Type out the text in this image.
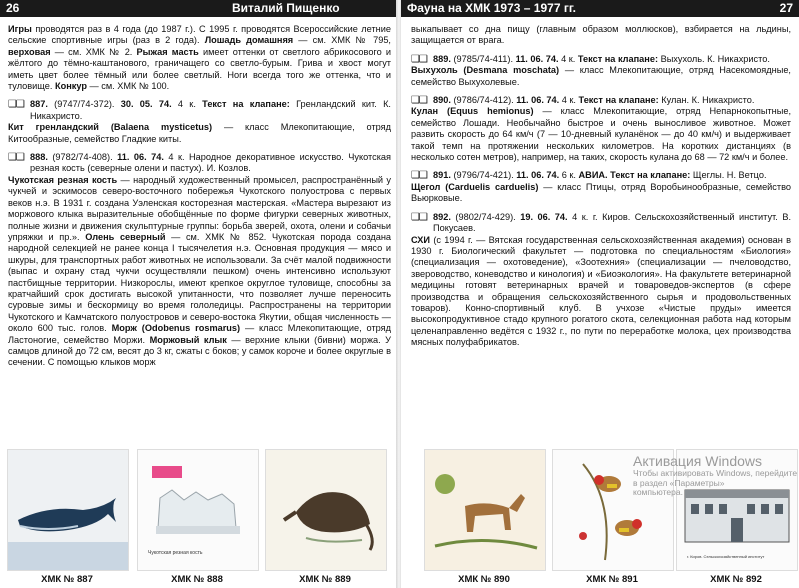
26	Виталий Пищенко

Игры проводятся раз в 4 года (до 1987 г.). С 1995 г. проводятся Всероссийские летние сельские спортивные игры (раз в 2 года). Лошадь домашняя — см. ХМК № 795, верховая — см. ХМК № 2. Рыжая масть имеет оттенки от светлого абрикосового и жёлтого до тёмно-каштанового, граничащего со светло-бурым. Грива и хвост могут иметь цвет более тёмный или более светлый. Ноги всегда того же оттенка, что и туловище. Конкур — см. ХМК № 100.

❑❑ 887. (9747/74-372). 30. 05. 74. 4 к. Текст на клапане: Гренландский кит. К. Никахристо.

Кит гренландский (Balaena mysticetus) — класс Млекопитающие, отряд Китообразные, семейство Гладкие киты.

❑❑ 888. (9782/74-408). 11. 06. 74. 4 к. Народное декоративное искусство. Чукотская резная кость (северные олени и пастух). И. Козлов.

Чукотская резная кость — народный художественный промысел, распространённый у чукчей и эскимосов северо-восточного побережья Чукотского полуострова с первых веков н.э. В 1931 г. создана Уэленская косторезная мастерская. «Мастера вырезают из моржового клыка выразительные обобщённые по форме фигурки северных животных, полные жизни и движения скульптурные группы: борьба зверей, охота, олени и собачьи упряжки и пр.». Олень северный — см. ХМК № 852. Чукотская порода создана народной селекцией не ранее конца I тысячелетия н.э. Основная продукция — мясо и шкуры, для транспортных работ животных не использовали. За счёт малой подвижности (выпас и охрану стад чукчи осуществляли пешком) очень интенсивно используют пастбищные территории. Низкорослы, имеют крепкое округлое туловище, способны за кратчайший срок достигать высокой упитанности, что позволяет лучше переносить суровые зимы и бескормицу во время гололедицы. Распространены на территории Чукотского и Камчатского полуостровов и северо-востока Якутии, общая численность — около 600 тыс. голов. Морж (Odobenus rosmarus) — класс Млекопитающие, отряд Ластоногие, семейство Моржи. Моржовый клык — верхние клыки (бивни) моржа. У самцов длиной до 72 см, весят до 3 кг, сжаты с боков; у самок короче и более округлые в сечении. С помощью клыков морж

Фауна на ХМК 1973 – 1977 гг.	27

выкапывает со дна пищу (главным образом моллюсков), взбирается на льдины, защищается от врага.

❑❑ 889. (9785/74-411). 11. 06. 74. 4 к. Текст на клапане: Выхухоль. К. Никахристо.

Выхухоль (Desmana moschata) — класс Млекопитающие, отряд Насекомоядные, семейство Выхухолевые.

❑❑ 890. (9786/74-412). 11. 06. 74. 4 к. Текст на клапане: Кулан. К. Никахристо.

Кулан (Equus hemionus) — класс Млекопитающие, отряд Непарнокопытные, семейство Лошади. Необычайно быстрое и очень выносливое животное. Может развить скорость до 64 км/ч (7 — 10-дневный куланёнок — до 40 км/ч) и выдерживает такой темп на протяжении нескольких километров. На коротких дистанциях (в несколько сотен метров), например, на таких, скорость кулана до 68 — 72 км/ч и более.

❑❑ 891. (9796/74-421). 11. 06. 74. 6 к. АВИА. Текст на клапане: Щеглы. Н. Ветцо.

Щегол (Carduelis carduelis) — класс Птицы, отряд Воробьинообразные, семейство Вьюрковые.

❑❑ 892. (9802/74-429). 19. 06. 74. 4 к. г. Киров. Сельскохозяйственный институт. В. Покусаев.

СХИ (с 1994 г. — Вятская государственная сельскохозяйственная академия) основан в 1930 г. Биологический факультет — подготовка по специальностям «Биология» (специализация — охотоведение), «Зоотехния» (специализации — пчеловодство, звероводство, коневодство и кинология) и «Биоэкология». На факультете ветеринарной медицины готовят ветеринарных врачей и товароведов-экспертов (в сфере производства и обращения сельскохозяйственного сырья и продовольственных товаров). Конно-спортивный клуб. В учхозе «Чистые пруды» имеется высокопродуктивное стадо крупного рогатого скота, селекционная работа над которым целенаправленно ведётся с 1932 г., по пути по переработке молока, цех производства мясных полуфабрикатов.

ХМК № 887
Чукотская резная кость
ХМК № 888	ХМК № 889	ХМК № 890	ХМК № 891
г. Киров. Сельскохозяйственный институт
ХМК № 892
Активация Windows
Чтобы активировать Windows, перейдите в раздел «Параметры»
компьютера.
